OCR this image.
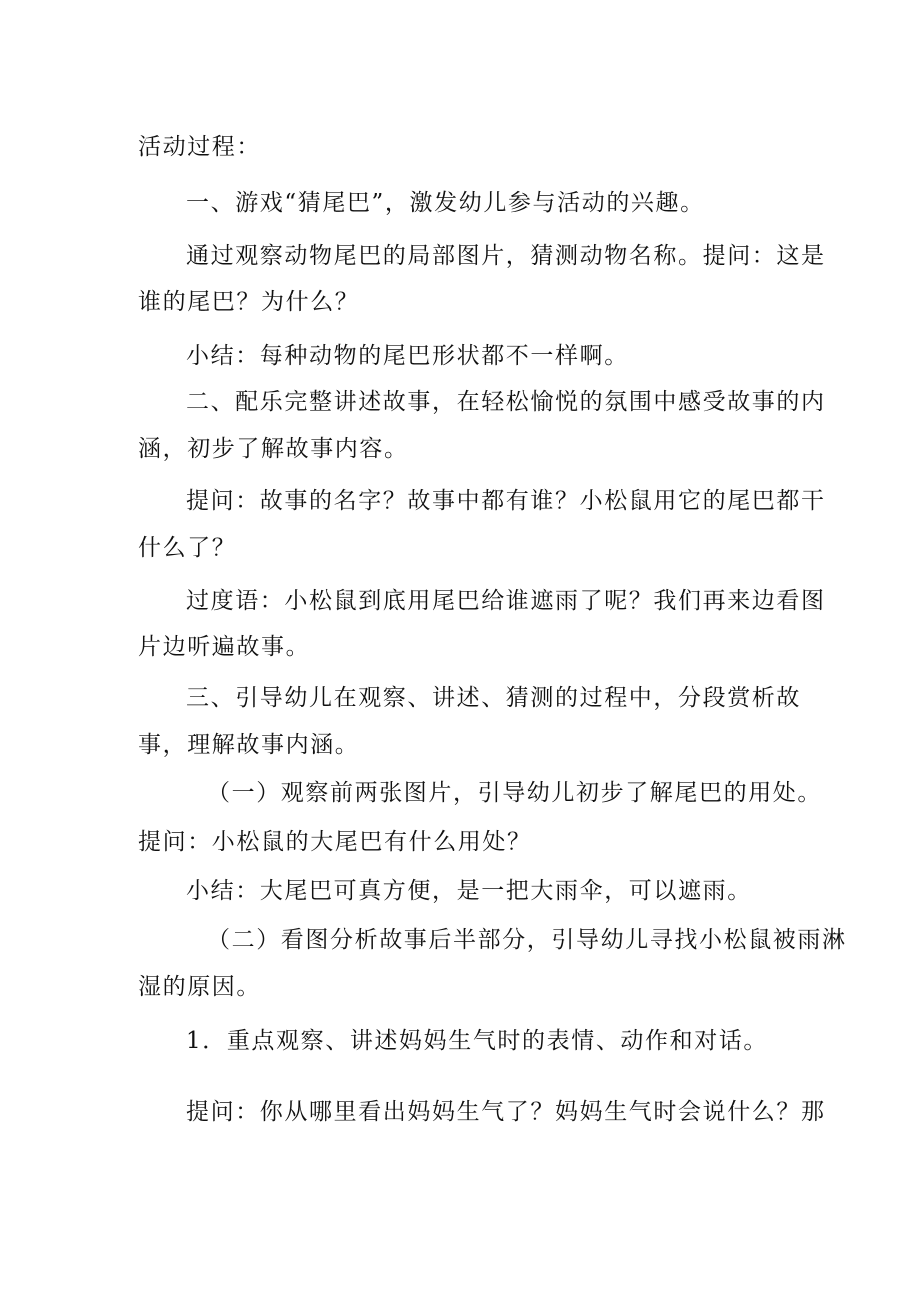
活动过程：
一、游戏“猜尾巴”，激发幼儿参与活动的兴趣。
通过观察动物尾巴的局部图片，猜测动物名称。提问：这是
谁的尾巴？为什么？
小结：每种动物的尾巴形状都不一样啊。
二、配乐完整讲述故事，在轻松愉悦的氛围中感受故事的内
涵，初步了解故事内容。
提问：故事的名字？故事中都有谁？小松鼠用它的尾巴都干
什么了？
过度语：小松鼠到底用尾巴给谁遮雨了呢？我们再来边看图
片边听遍故事。
三、引导幼儿在观察、讲述、猜测的过程中，分段赏析故
事，理解故事内涵。
（一）观察前两张图片，引导幼儿初步了解尾巴的用处。
提问：小松鼠的大尾巴有什么用处？
小结：大尾巴可真方便，是一把大雨伞，可以遮雨。
（二）看图分析故事后半部分，引导幼儿寻找小松鼠被雨淋
湿的原因。
1．重点观察、讲述妈妈生气时的表情、动作和对话。
提问：你从哪里看出妈妈生气了？妈妈生气时会说什么？那
